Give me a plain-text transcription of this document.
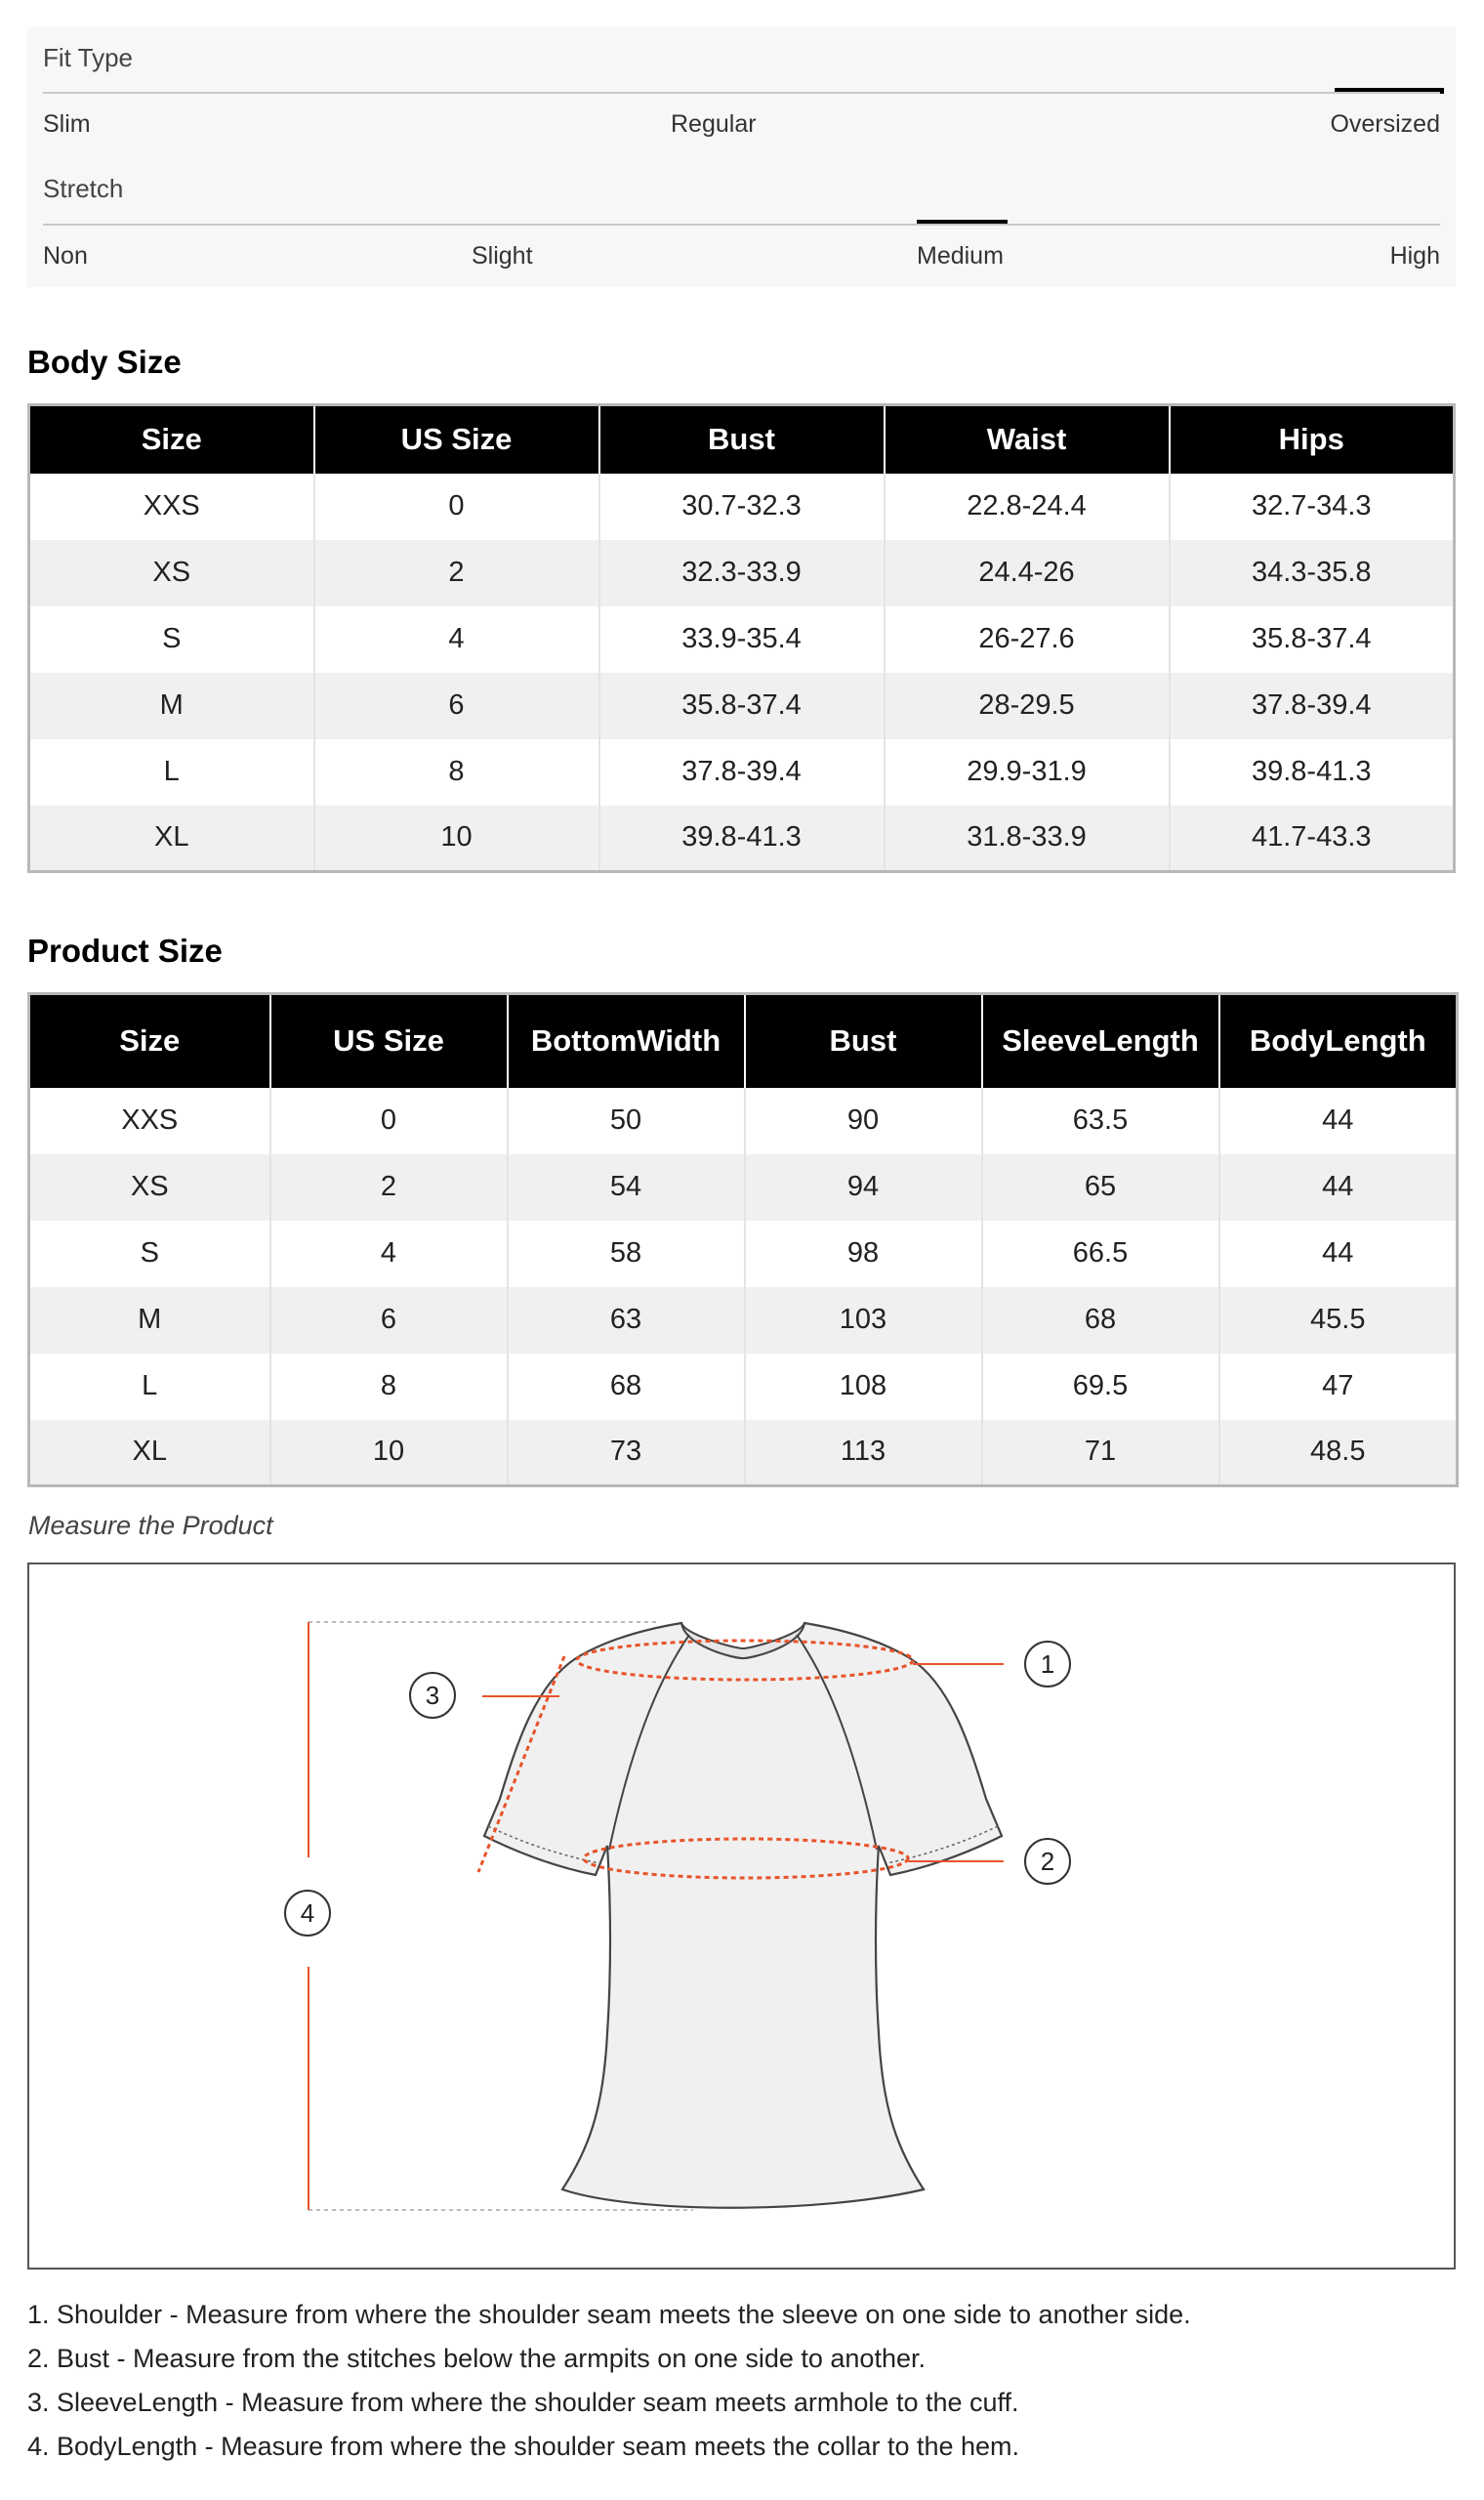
Fit Type
Slim	Regular	Oversized
Stretch
Non	Slight	Medium	High
Body Size
Size	US Size	Bust	Waist	Hips
XXS	0	30.7-32.3	22.8-24.4	32.7-34.3
XS	2	32.3-33.9	24.4-26	34.3-35.8
S	4	33.9-35.4	26-27.6	35.8-37.4
M	6	35.8-37.4	28-29.5	37.8-39.4
L	8	37.8-39.4	29.9-31.9	39.8-41.3
XL	10	39.8-41.3	31.8-33.9	41.7-43.3
Product Size
Size	US Size	BottomWidth	Bust	SleeveLength	BodyLength
XXS	0	50	90	63.5	44
XS	2	54	94	65	44
S	4	58	98	66.5	44
M	6	63	103	68	45.5
L	8	68	108	69.5	47
XL	10	73	113	71	48.5
Measure the Product
1
2
3
4
1. Shoulder - Measure from where the shoulder seam meets the sleeve on one side to another side.
2. Bust - Measure from the stitches below the armpits on one side to another.
3. SleeveLength - Measure from where the shoulder seam meets armhole to the cuff.
4. BodyLength - Measure from where the shoulder seam meets the collar to the hem.
